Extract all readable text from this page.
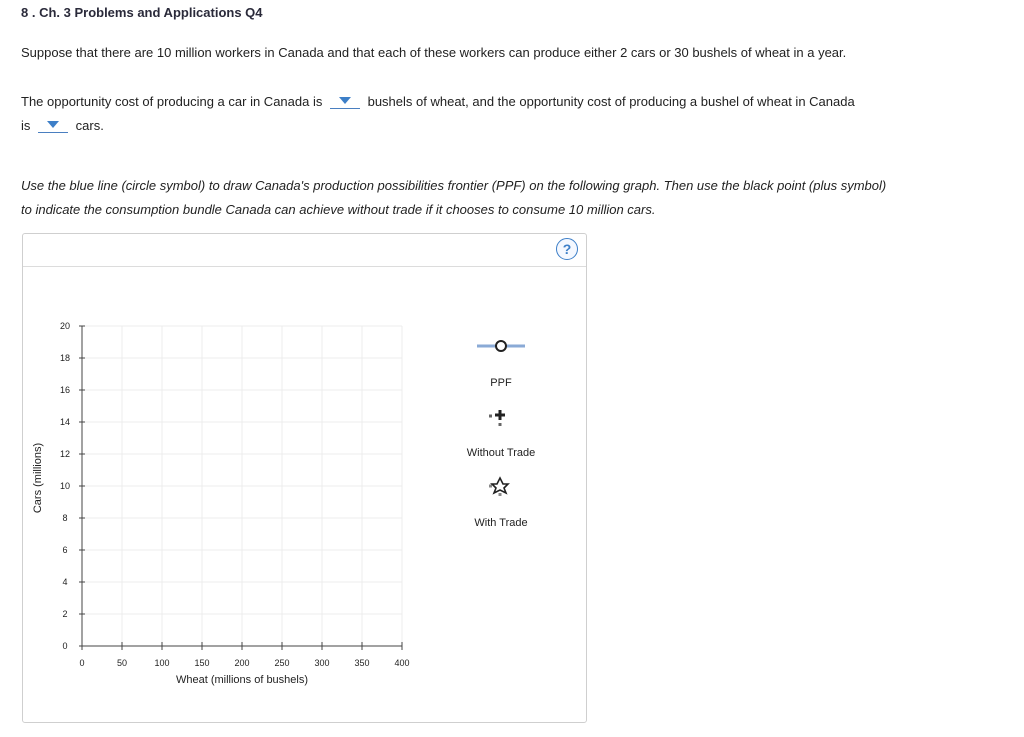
8 . Ch. 3 Problems and Applications Q4
Suppose that there are 10 million workers in Canada and that each of these workers can produce either 2 cars or 30 bushels of wheat in a year.
The opportunity cost of producing a car in Canada is	bushels of wheat, and the opportunity cost of producing a bushel of wheat in Canada
is	cars.
Use the blue line (circle symbol) to draw Canada's production possibilities frontier (PPF) on the following graph. Then use the black point (plus symbol)
to indicate the consumption bundle Canada can achieve without trade if it chooses to consume 10 million cars.
?
0	50	100	150	200	250	300	350	400
0
2
4
6
8
10
12
14
16
18
20
Wheat (millions of bushels)
Cars (millions)
PPF
Without Trade
With Trade
